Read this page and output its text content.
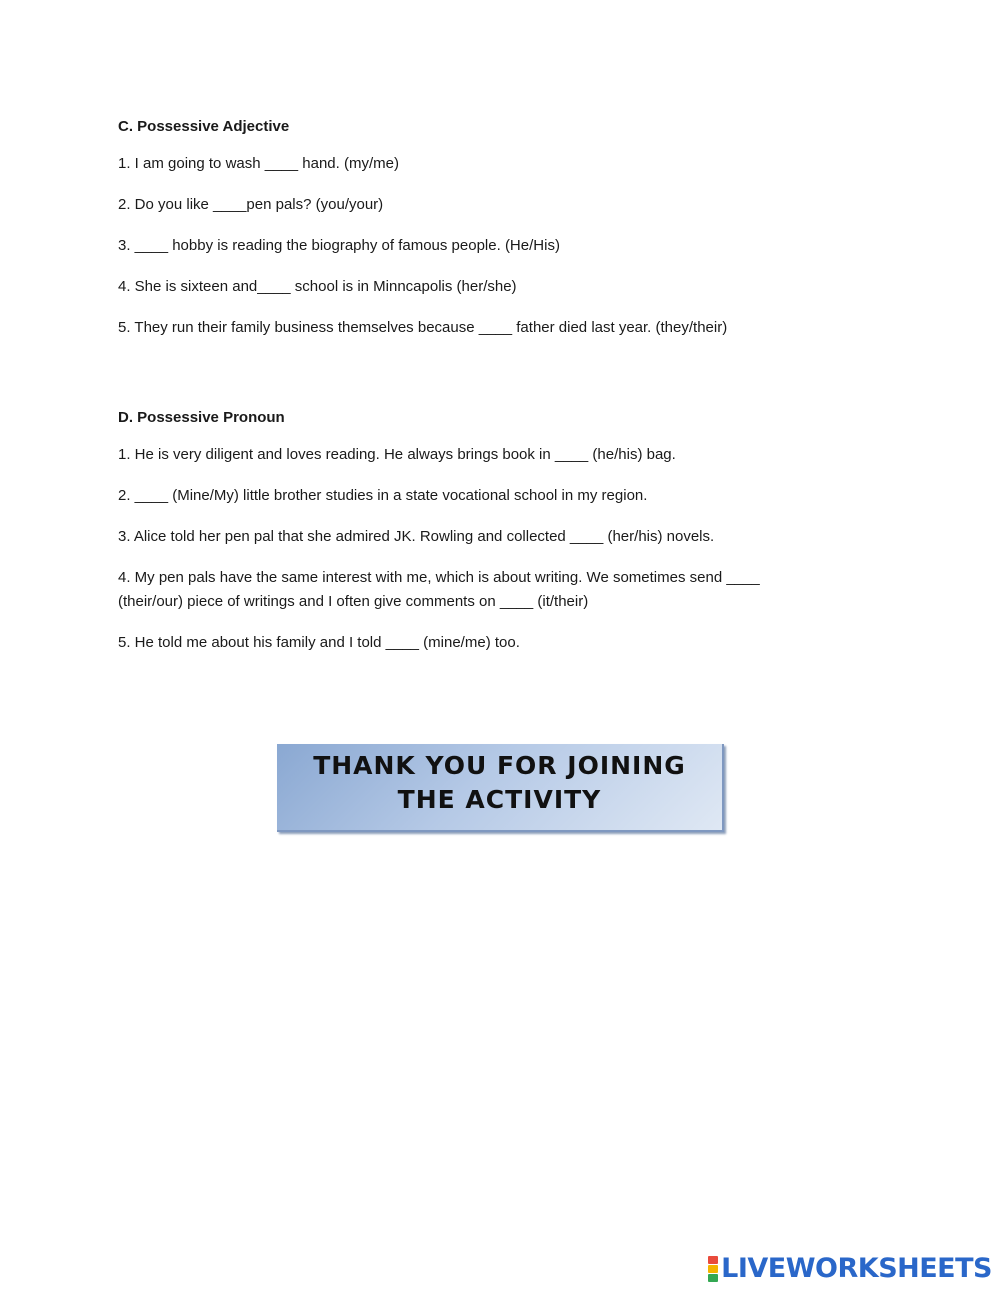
C. Possessive Adjective

1. I am going to wash ____ hand. (my/me)

2. Do you like ____pen pals? (you/your)

3. ____ hobby is reading the biography of famous people. (He/His)

4. She is sixteen and____ school is in Minncapolis (her/she)

5. They run their family business themselves because ____ father died last year. (they/their)

D. Possessive Pronoun

1. He is very diligent and loves reading. He always brings book in ____ (he/his) bag.

2. ____ (Mine/My) little brother studies in a state vocational school in my region.

3. Alice told her pen pal that she admired JK. Rowling and collected ____ (her/his) novels.

4. My pen pals have the same interest with me, which is about writing. We sometimes send ____

(their/our) piece of writings and I often give comments on ____ (it/their)

5. He told me about his family and I told ____ (mine/me) too.

THANK YOU FOR JOINING
THE ACTIVITY
LIVEWORKSHEETS
